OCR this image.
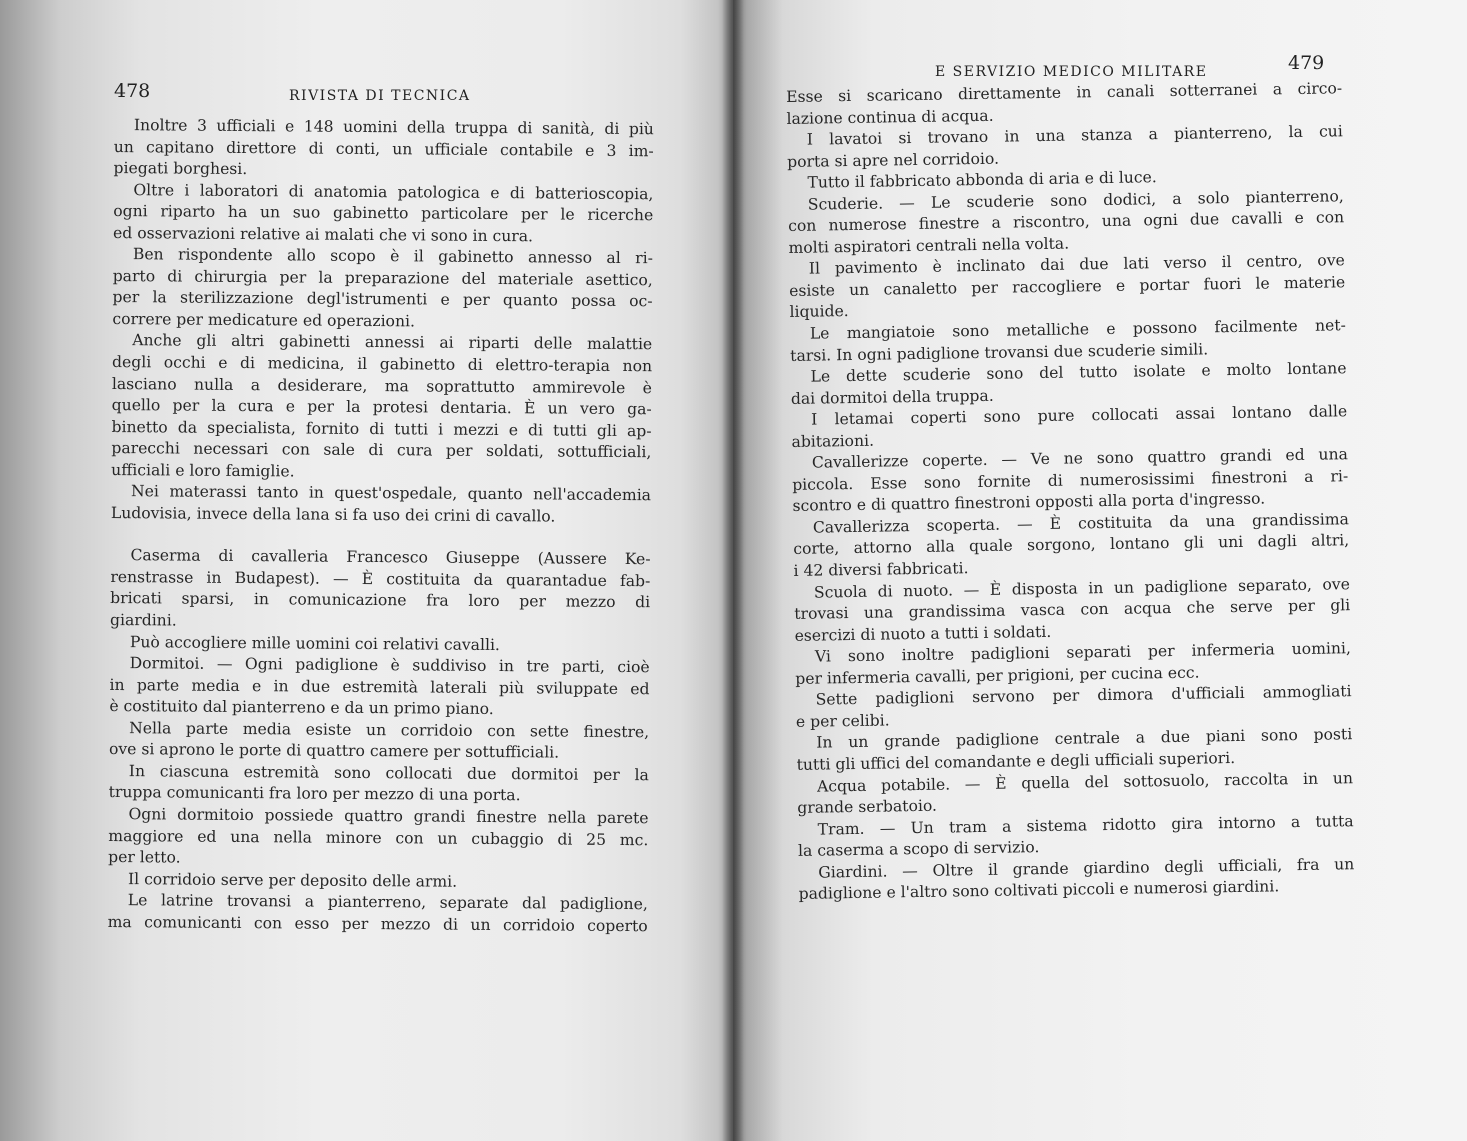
478	RIVISTA DI TECNICA
Inoltre 3 ufficiali e 148 uomini della truppa di sanità, di più
un capitano direttore di conti, un ufficiale contabile e 3 im-
piegati borghesi.
Oltre i laboratori di anatomia patologica e di batterioscopia,
ogni riparto ha un suo gabinetto particolare per le ricerche
ed osservazioni relative ai malati che vi sono in cura.
Ben rispondente allo scopo è il gabinetto annesso al ri-
parto di chirurgia per la preparazione del materiale asettico,
per la sterilizzazione degl'istrumenti e per quanto possa oc-
correre per medicature ed operazioni.
Anche gli altri gabinetti annessi ai riparti delle malattie
degli occhi e di medicina, il gabinetto di elettro-terapia non
lasciano nulla a desiderare, ma soprattutto ammirevole è
quello per la cura e per la protesi dentaria. È un vero ga-
binetto da specialista, fornito di tutti i mezzi e di tutti gli ap-
parecchi necessari con sale di cura per soldati, sottufficiali,
ufficiali e loro famiglie.
Nei materassi tanto in quest'ospedale, quanto nell'accademia
Ludovisia, invece della lana si fa uso dei crini di cavallo.
Caserma di cavalleria Francesco Giuseppe (Aussere Ke-
renstrasse in Budapest). — È costituita da quarantadue fab-
bricati sparsi, in comunicazione fra loro per mezzo di
giardini.
Può accogliere mille uomini coi relativi cavalli.
Dormitoi. — Ogni padiglione è suddiviso in tre parti, cioè
in parte media e in due estremità laterali più sviluppate ed
è costituito dal pianterreno e da un primo piano.
Nella parte media esiste un corridoio con sette finestre,
ove si aprono le porte di quattro camere per sottufficiali.
In ciascuna estremità sono collocati due dormitoi per la
truppa comunicanti fra loro per mezzo di una porta.
Ogni dormitoio possiede quattro grandi finestre nella parete
maggiore ed una nella minore con un cubaggio di 25 mc.
per letto.
Il corridoio serve per deposito delle armi.
Le latrine trovansi a pianterreno, separate dal padiglione,
ma comunicanti con esso per mezzo di un corridoio coperto
E SERVIZIO MEDICO MILITARE	479
Esse si scaricano direttamente in canali sotterranei a circo-
lazione continua di acqua.
I lavatoi si trovano in una stanza a pianterreno, la cui
porta si apre nel corridoio.
Tutto il fabbricato abbonda di aria e di luce.
Scuderie. — Le scuderie sono dodici, a solo pianterreno,
con numerose finestre a riscontro, una ogni due cavalli e con
molti aspiratori centrali nella volta.
Il pavimento è inclinato dai due lati verso il centro, ove
esiste un canaletto per raccogliere e portar fuori le materie
liquide.
Le mangiatoie sono metalliche e possono facilmente net-
tarsi. In ogni padiglione trovansi due scuderie simili.
Le dette scuderie sono del tutto isolate e molto lontane
dai dormitoi della truppa.
I letamai coperti sono pure collocati assai lontano dalle
abitazioni.
Cavallerizze coperte. — Ve ne sono quattro grandi ed una
piccola. Esse sono fornite di numerosissimi finestroni a ri-
scontro e di quattro finestroni opposti alla porta d'ingresso.
Cavallerizza scoperta. — È costituita da una grandissima
corte, attorno alla quale sorgono, lontano gli uni dagli altri,
i 42 diversi fabbricati.
Scuola di nuoto. — È disposta in un padiglione separato, ove
trovasi una grandissima vasca con acqua che serve per gli
esercizi di nuoto a tutti i soldati.
Vi sono inoltre padiglioni separati per infermeria uomini,
per infermeria cavalli, per prigioni, per cucina ecc.
Sette padiglioni servono per dimora d'ufficiali ammogliati
e per celibi.
In un grande padiglione centrale a due piani sono posti
tutti gli uffici del comandante e degli ufficiali superiori.
Acqua potabile. — È quella del sottosuolo, raccolta in un
grande serbatoio.
Tram. — Un tram a sistema ridotto gira intorno a tutta
la caserma a scopo di servizio.
Giardini. — Oltre il grande giardino degli ufficiali, fra un
padiglione e l'altro sono coltivati piccoli e numerosi giardini.
